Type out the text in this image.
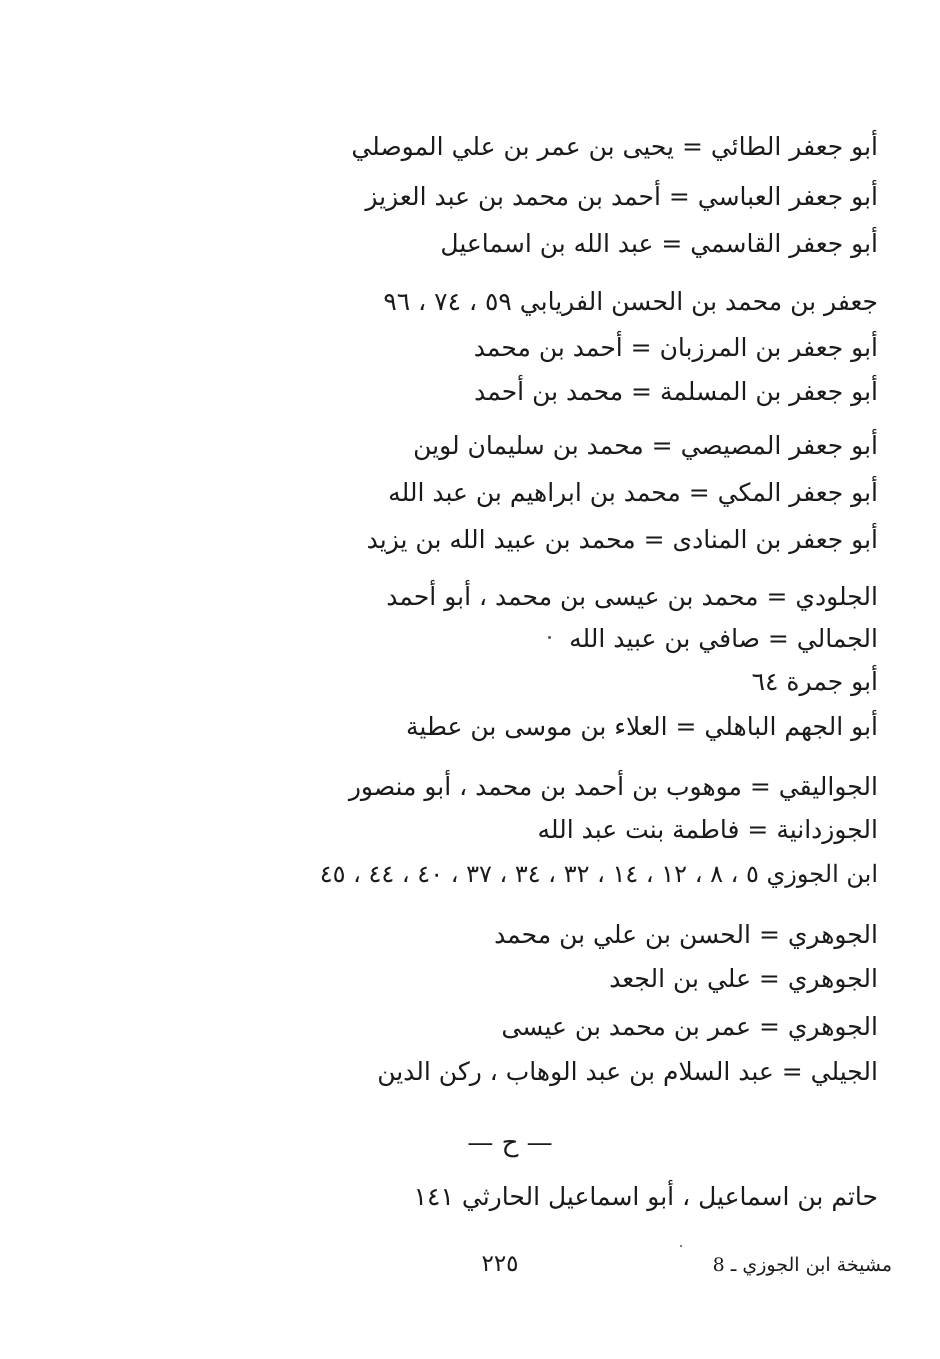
أبو جعفر الطائي = يحيى بن عمر بن علي الموصلي
أبو جعفر العباسي = أحمد بن محمد بن عبد العزيز
أبو جعفر القاسمي = عبد الله بن اسماعيل
جعفر بن محمد بن الحسن الفريابي ٥٩ ، ٧٤ ، ٩٦
أبو جعفر بن المرزبان = أحمد بن محمد
أبو جعفر بن المسلمة = محمد بن أحمد
أبو جعفر المصيصي = محمد بن سليمان لوين
أبو جعفر المكي = محمد بن ابراهيم بن عبد الله
أبو جعفر بن المنادى = محمد بن عبيد الله بن يزيد
الجلودي = محمد بن عيسى بن محمد ، أبو أحمد
الجمالي = صافي بن عبيد الله
أبو جمرة ٦٤
أبو الجهم الباهلي = العلاء بن موسى بن عطية
الجواليقي = موهوب بن أحمد بن محمد ، أبو منصور
الجوزدانية = فاطمة بنت عبد الله
ابن الجوزي ٥ ، ٨ ، ١٢ ، ١٤ ، ٣٢ ، ٣٤ ، ٣٧ ، ٤٠ ، ٤٤ ، ٤٥
الجوهري = الحسن بن علي بن محمد
الجوهري = علي بن الجعد
الجوهري = عمر بن محمد بن عيسى
الجيلي = عبد السلام بن عبد الوهاب ، ركن الدين
— ح —
حاتم بن اسماعيل ، أبو اسماعيل الحارثي ١٤١
٢٢٥	مشيخة ابن الجوزي ـ 8
